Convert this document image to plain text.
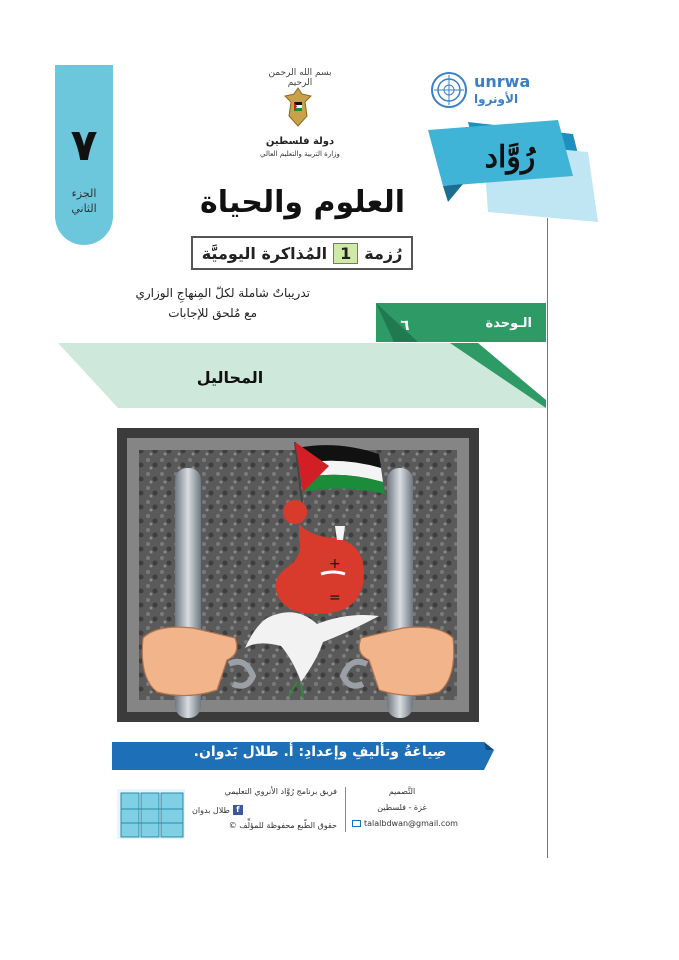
٧
الجزء
الثاني
بسم الله الرحمن الرحيم
دولة فلسطين
وزارة التربية والتعليم العالي
unrwa
الأونروا
رُوَّاد
العلوم والحياة
رُزمة
1
المُذاكرة اليوميَّة
تدريباتٌ شاملة لكلّ المِنهاجِ الوزاري
مع مُلحق للإجابات
الـوحدة
٦
المحاليل
+
=
صِياغةُ وتأليفِ وإعدادِ: أ. طلال بَدوان.
فريق برنامج رُوَّاد الأنروي التعليمي
f
طلال بدوان
حقوق الطّبع محفوظة للمؤلِّف ©
التَّصميم
غزة - فلسطين
talalbdwan@gmail.com
